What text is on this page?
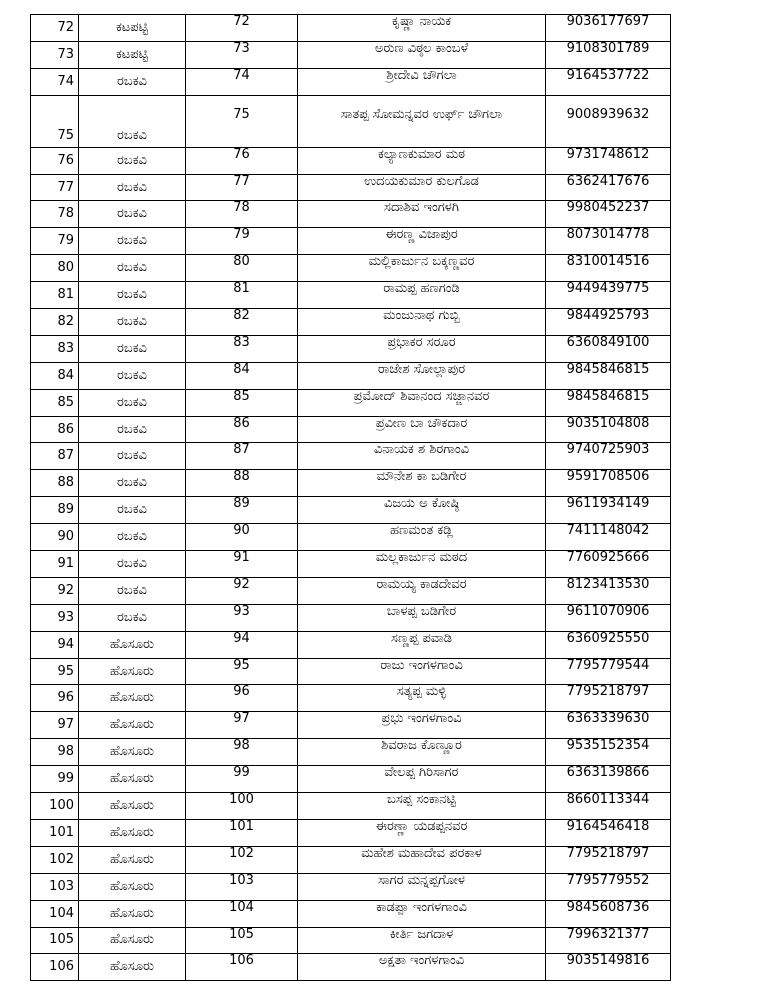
72	ಕಟಪಟ್ಟಿ	72	ಕೃಷ್ಣಾ ನಾಯಕ	9036177697
73	ಕಟಪಟ್ಟಿ	73	ಅರುಣ ವಿಠ್ಠಲ ಕಾಂಬಳೆ	9108301789
74	ರಬಕವಿ	74	ಶ್ರೀದೇವಿ ಚೌಗಲಾ	9164537722
75	ರಬಕವಿ	75	ಸಾತಪ್ಪ ಸೋಮನ್ನವರ ಉರ್ಫ್ ಚೌಗಲಾ	9008939632
76	ರಬಕವಿ	76	ಕಲ್ಯಾಣಕುಮಾರ ಮಠ	9731748612
77	ರಬಕವಿ	77	ಉದಯಕುಮಾರ ಕುಲಗೊಡ	6362417676
78	ರಬಕವಿ	78	ಸದಾಶಿವ ಇಂಗಳಗಿ	9980452237
79	ರಬಕವಿ	79	ಈರಣ್ಣ ವಿಜಾಪುರ	8073014778
80	ರಬಕವಿ	80	ಮಲ್ಲಿಕಾರ್ಜುನ ಬಕ್ಕಣ್ಣವರ	8310014516
81	ರಬಕವಿ	81	ರಾಮಪ್ಪ ಹಣಗಂಡಿ	9449439775
82	ರಬಕವಿ	82	ಮಂಜುನಾಥ ಗುಬ್ಬಿ	9844925793
83	ರಬಕವಿ	83	ಪ್ರಭಾಕರ ಸರೂರ	6360849100
84	ರಬಕವಿ	84	ರಾಜೇಶ ಸೋಲ್ಲಾಪುರ	9845846815
85	ರಬಕವಿ	85	ಪ್ರಮೋದ್ ಶಿವಾನಂದ ಸಜ್ಜಾನವರ	9845846815
86	ರಬಕವಿ	86	ಪ್ರವೀಣ ಬಾ ಚೌಕದಾರ	9035104808
87	ರಬಕವಿ	87	ವಿನಾಯಕ ಶ ಶಿರಗಾಂವಿ	9740725903
88	ರಬಕವಿ	88	ಮೌನೇಶ ಕಾ ಬಡಿಗೇರ	9591708506
89	ರಬಕವಿ	89	ವಿಜಯ ಅ ಕೋಷ್ಠಿ	9611934149
90	ರಬಕವಿ	90	ಹಣಮಂತ ಕಡ್ಲಿ	7411148042
91	ರಬಕವಿ	91	ಮಲ್ಲಕಾರ್ಜುನ ಮಠದ	7760925666
92	ರಬಕವಿ	92	ರಾಮಯ್ಯ ಕಾಡದೇವರ	8123413530
93	ರಬಕವಿ	93	ಬಾಳಪ್ಪ ಬಡಿಗೇರ	9611070906
94	ಹೊಸೂರು	94	ಸಣ್ಣಪ್ಪ ಪವಾಡಿ	6360925550
95	ಹೊಸೂರು	95	ರಾಜು ಇಂಗಳಗಾಂವಿ	7795779544
96	ಹೊಸೂರು	96	ಸತ್ಯಪ್ಪ ಮಳ್ಳಿ	7795218797
97	ಹೊಸೂರು	97	ಪ್ರಭು ಇಂಗಳಗಾಂವಿ	6363339630
98	ಹೊಸೂರು	98	ಶಿವರಾಜ ಕೊಣ್ಣೂರ	9535152354
99	ಹೊಸೂರು	99	ವೇಲಪ್ಪ ಗಿರಿಸಾಗರ	6363139866
100	ಹೊಸೂರು	100	ಬಸಪ್ಪ ಸಂಕಾನಟ್ಟಿ	8660113344
101	ಹೊಸೂರು	101	ಈರಣ್ಣಾ ಯಡಪ್ಪನವರ	9164546418
102	ಹೊಸೂರು	102	ಮಹೇಶ ಮಹಾದೇವ ಪರಕಾಳ	7795218797
103	ಹೊಸೂರು	103	ಸಾಗರ ಮನ್ನಪ್ಪಗೋಳ	7795779552
104	ಹೊಸೂರು	104	ಕಾಡಪ್ಪಾ ಇಂಗಳಗಾಂವಿ	9845608736
105	ಹೊಸೂರು	105	ಕೀರ್ತಿ ಜಗದಾಳ	7996321377
106	ಹೊಸೂರು	106	ಅಕ್ಷತಾ ಇಂಗಳಗಾಂವಿ	9035149816
